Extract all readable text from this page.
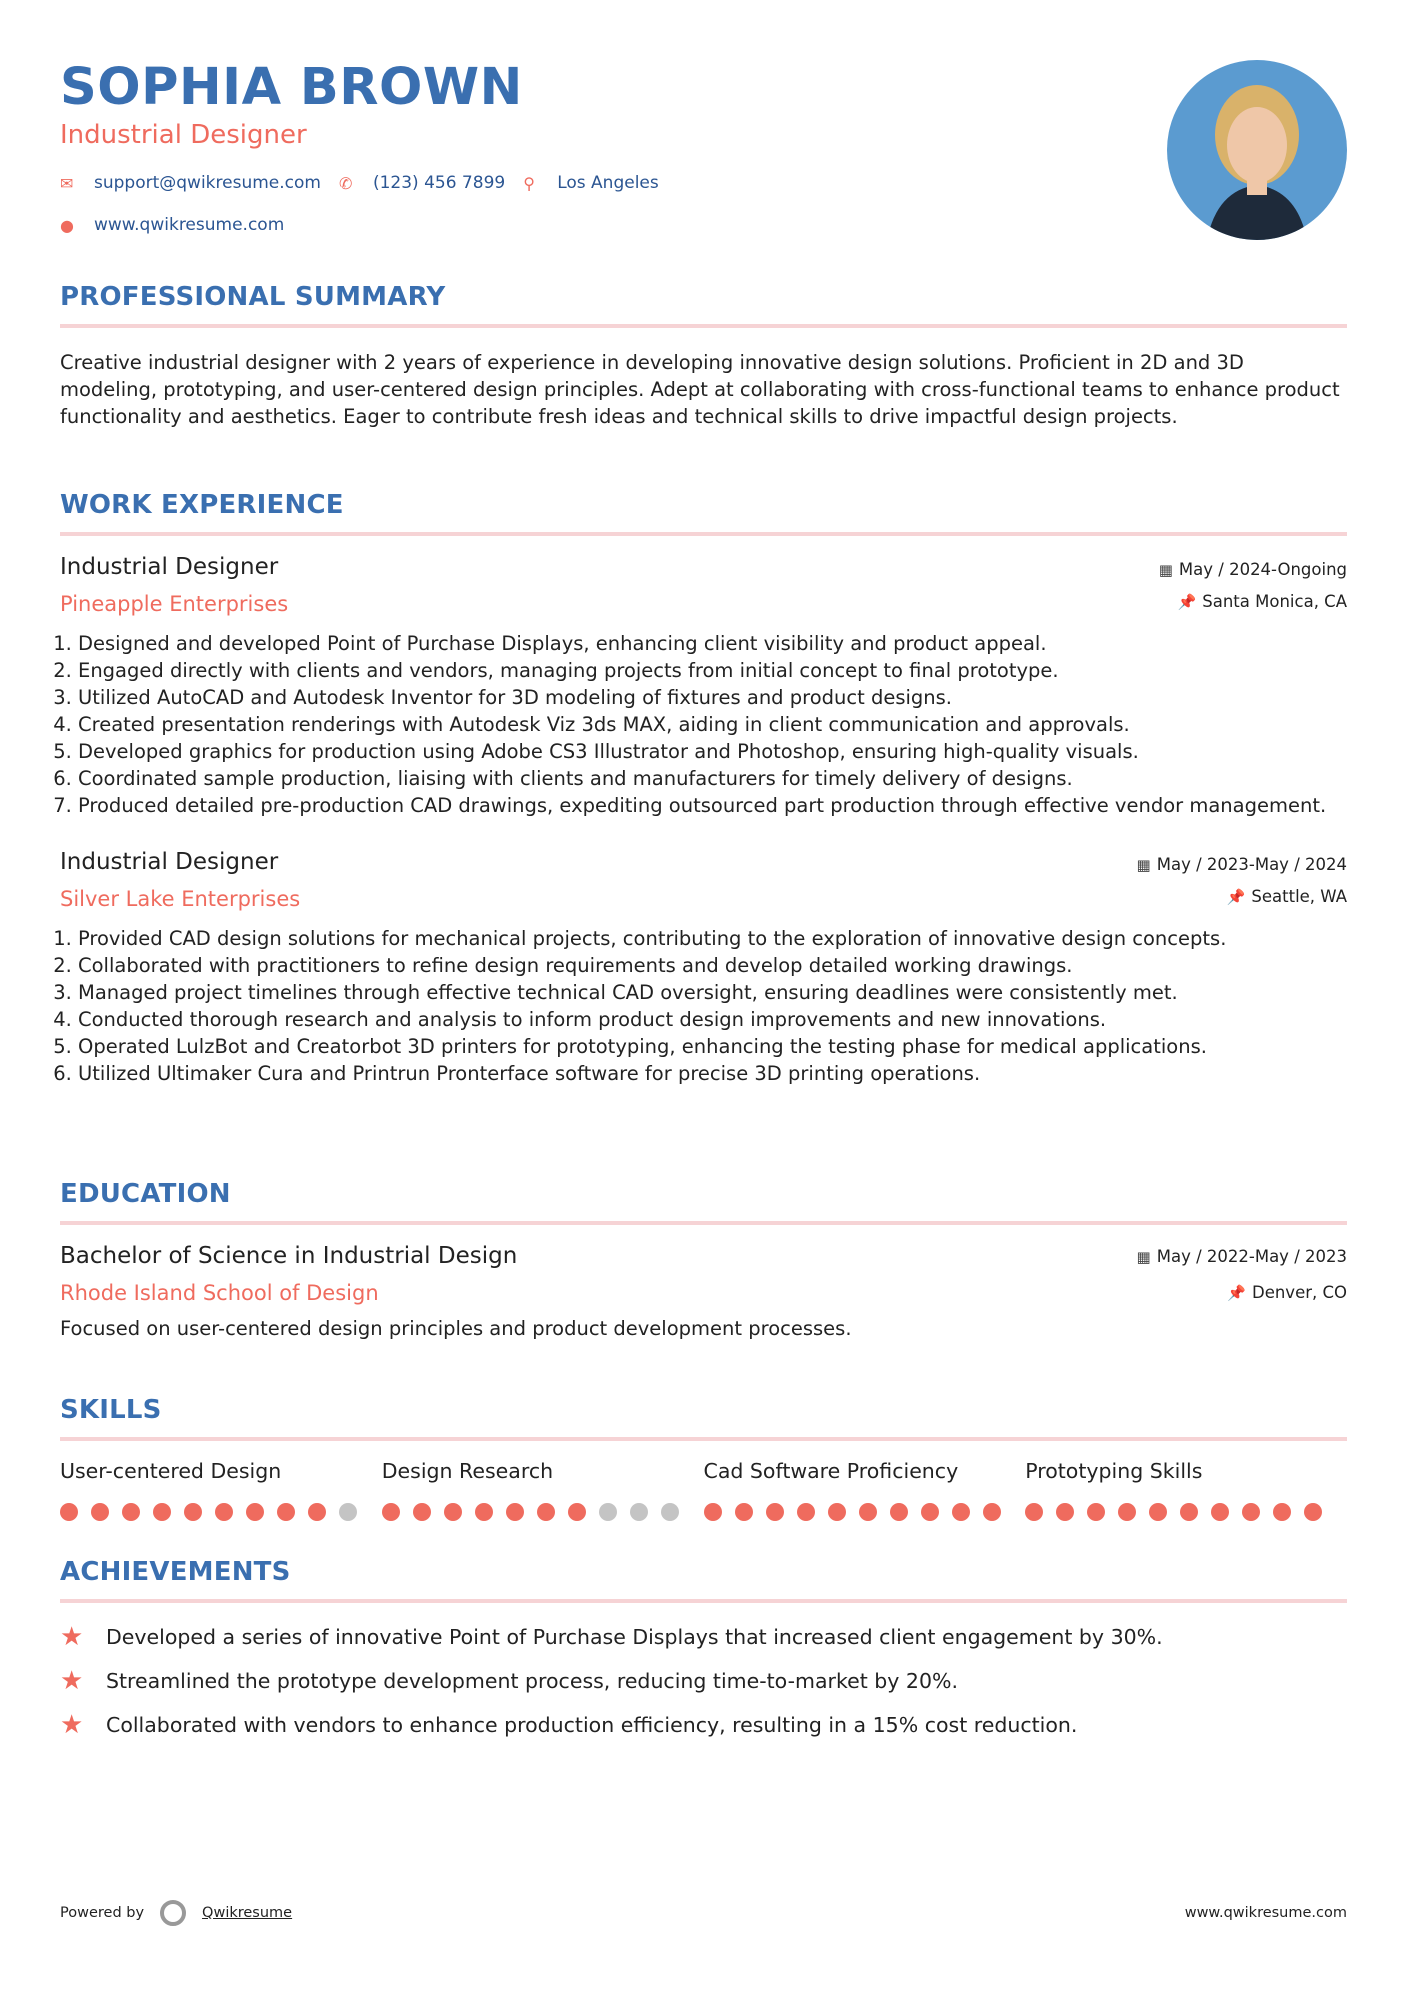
SOPHIA BROWN
Industrial Designer
✉	support@qwikresume.com ✆	(123) 456 7899 ⚲	Los Angeles
●	www.qwikresume.com
PROFESSIONAL SUMMARY

Creative industrial designer with 2 years of experience in developing innovative design solutions. Proficient in 2D and 3D modeling, prototyping, and user-centered design principles. Adept at collaborating with cross-functional teams to enhance product functionality and aesthetics. Eager to contribute fresh ideas and technical skills to drive impactful design projects.

WORK EXPERIENCE
Industrial Designer
Pineapple Enterprises
▦ May / 2024-Ongoing
📌 Santa Monica, CA
1. Designed and developed Point of Purchase Displays, enhancing client visibility and product appeal.
2. Engaged directly with clients and vendors, managing projects from initial concept to final prototype.
3. Utilized AutoCAD and Autodesk Inventor for 3D modeling of fixtures and product designs.
4. Created presentation renderings with Autodesk Viz 3ds MAX, aiding in client communication and approvals.
5. Developed graphics for production using Adobe CS3 Illustrator and Photoshop, ensuring high-quality visuals.
6. Coordinated sample production, liaising with clients and manufacturers for timely delivery of designs.
7. Produced detailed pre-production CAD drawings, expediting outsourced part production through effective vendor management.
Industrial Designer
Silver Lake Enterprises
▦ May / 2023-May / 2024
📌 Seattle, WA
1. Provided CAD design solutions for mechanical projects, contributing to the exploration of innovative design concepts.
2. Collaborated with practitioners to refine design requirements and develop detailed working drawings.
3. Managed project timelines through effective technical CAD oversight, ensuring deadlines were consistently met.
4. Conducted thorough research and analysis to inform product design improvements and new innovations.
5. Operated LulzBot and Creatorbot 3D printers for prototyping, enhancing the testing phase for medical applications.
6. Utilized Ultimaker Cura and Printrun Pronterface software for precise 3D printing operations.
EDUCATION
Bachelor of Science in Industrial Design
Rhode Island School of Design
▦ May / 2022-May / 2023
📌 Denver, CO

Focused on user-centered design principles and product development processes.

SKILLS
User-centered Design	Design Research	Cad Software Proficiency	Prototyping Skills
ACHIEVEMENTS
★	Developed a series of innovative Point of Purchase Displays that increased client engagement by 30%.
★	Streamlined the prototype development process, reducing time-to-market by 20%.
★	Collaborated with vendors to enhance production efficiency, resulting in a 15% cost reduction.
Powered by	Qwikresume	www.qwikresume.com
